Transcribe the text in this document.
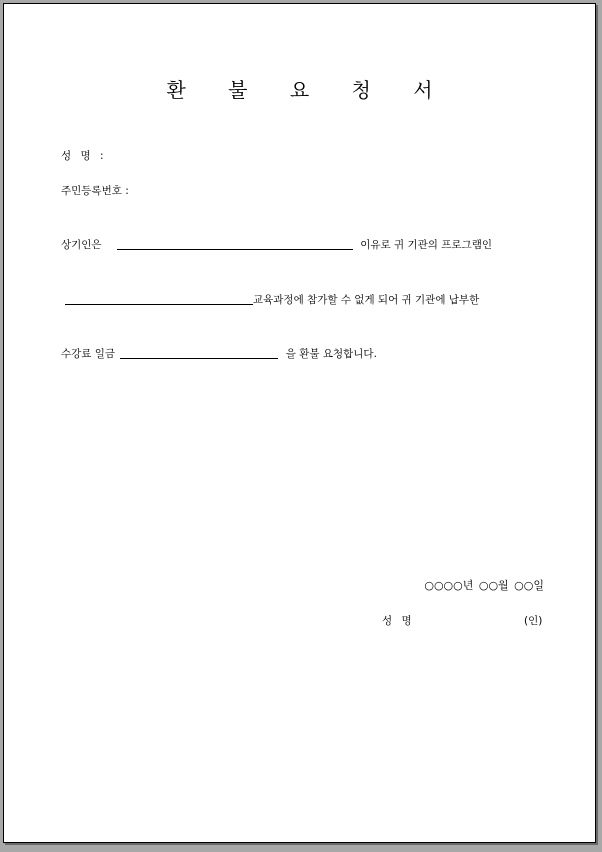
환 불 요 청 서
성 명 :
주민등록번호 :
상기인은	이유로 귀 기관의 프로그램인
교육과정에 참가할 수 없게 되어 귀 기관에 납부한
수강료 일금	을 환불 요청합니다.
○○○○년 ○○월 ○○일
성 명	(인)
